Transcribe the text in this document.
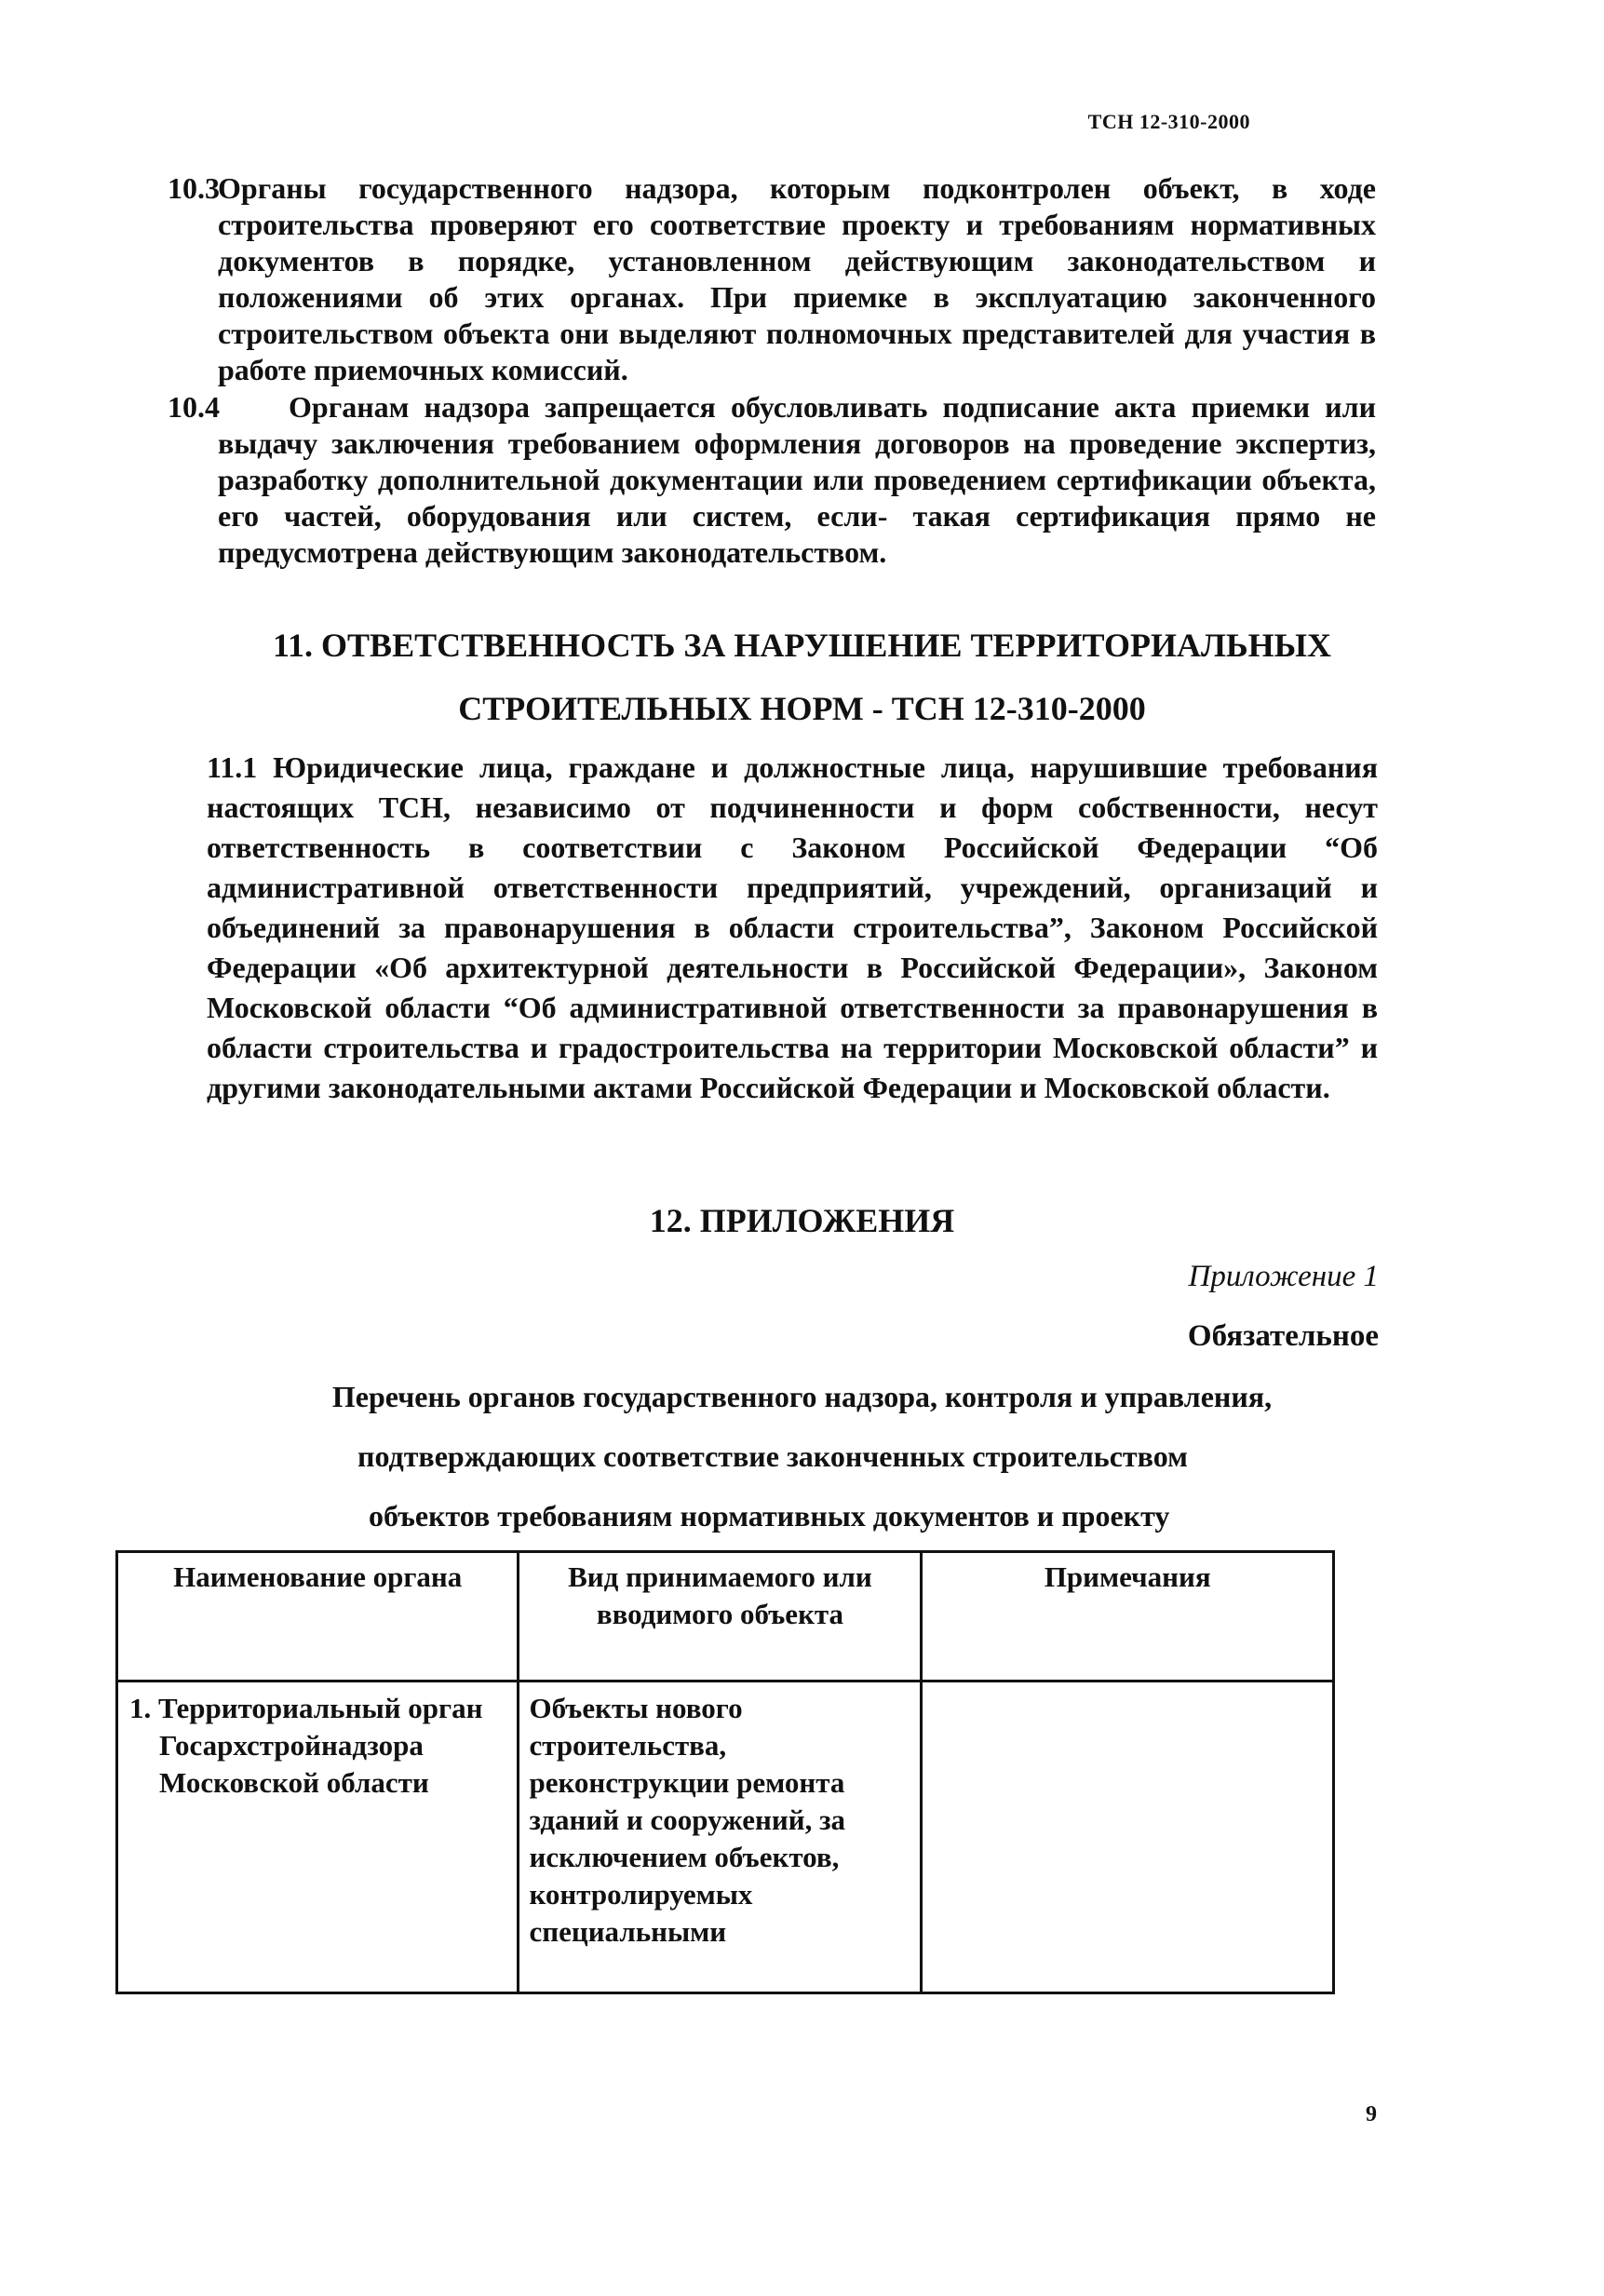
ТСН 12-310-2000
10.3
Органы государственного надзора, которым подконтролен объект, в ходе строительства проверяют его соответствие проекту и требованиям нормативных документов в порядке, установленном действующим законодательством и положениями об этих органах. При приемке в эксплуатацию законченного строительством объекта они выделяют полномочных представителей для участия в работе приемочных комиссий.
10.4	Органам надзора запрещается обусловливать подписание акта приемки или выдачу заключения требованием оформления договоров на проведение экспертиз, разработку дополнительной документации или проведением сертификации объекта, его частей, оборудования или систем, если- такая сертификация прямо не предусмотрена действующим законодательством.
11. ОТВЕТСТВЕННОСТЬ ЗА НАРУШЕНИЕ ТЕРРИТОРИАЛЬНЫХ
СТРОИТЕЛЬНЫХ НОРМ - ТСН 12-310-2000
11.1 Юридические лица, граждане и должностные лица, нарушившие требования настоящих ТСН, независимо от подчиненности и форм собственности, несут ответственность в соответствии с Законом Российской Федерации “Об административной ответственности предприятий, учреждений, организаций и объединений за правонарушения в области строительства”, Законом Российской Федерации «Об архитектурной деятельности в Российской Федерации», Законом Московской области “Об административной ответственности за правонарушения в области строительства и градостроительства на территории Московской области” и другими законодательными актами Российской Федерации и Московской области.
12. ПРИЛОЖЕНИЯ
Приложение 1
Обязательное
Перечень органов государственного надзора, контроля и управления,
подтверждающих соответствие законченных строительством
объектов требованиям нормативных документов и проекту
Наименование органа	Вид принимаемого или вводимого объекта	Примечания

1. Территориальный орган Госархстройнадзора Московской области	Объекты нового строительства, реконструкции ремонта зданий и сооружений, за исключением объектов, контролируемых специальными	
9
